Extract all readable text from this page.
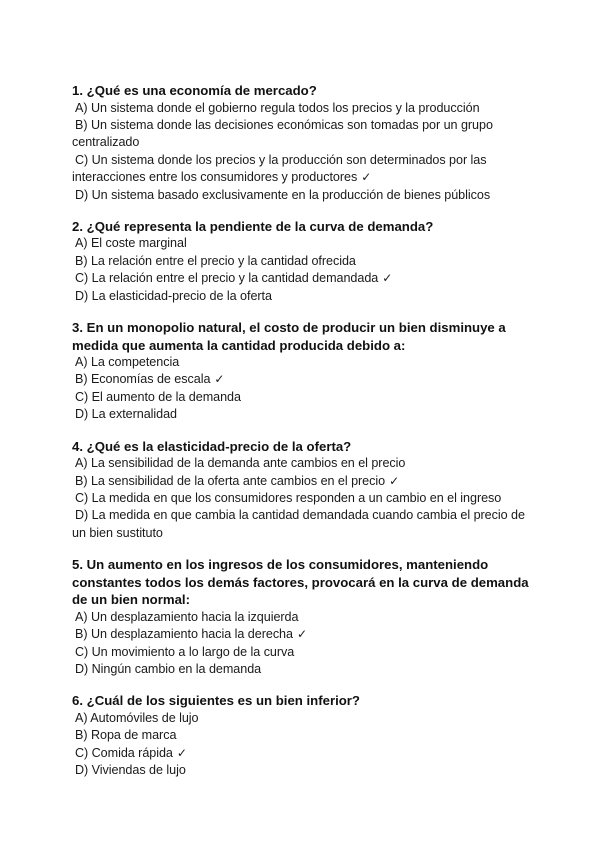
1. ¿Qué es una economía de mercado?

A) Un sistema donde el gobierno regula todos los precios y la producción

B) Un sistema donde las decisiones económicas son tomadas por un grupo centralizado

C) Un sistema donde los precios y la producción son determinados por las interacciones entre los consumidores y productores ✓

D) Un sistema basado exclusivamente en la producción de bienes públicos

2. ¿Qué representa la pendiente de la curva de demanda?

A) El coste marginal

B) La relación entre el precio y la cantidad ofrecida

C) La relación entre el precio y la cantidad demandada ✓

D) La elasticidad-precio de la oferta

3. En un monopolio natural, el costo de producir un bien disminuye a medida que aumenta la cantidad producida debido a:

A) La competencia

B) Economías de escala ✓

C) El aumento de la demanda

D) La externalidad

4. ¿Qué es la elasticidad-precio de la oferta?

A) La sensibilidad de la demanda ante cambios en el precio

B) La sensibilidad de la oferta ante cambios en el precio ✓

C) La medida en que los consumidores responden a un cambio en el ingreso

D) La medida en que cambia la cantidad demandada cuando cambia el precio de un bien sustituto

5. Un aumento en los ingresos de los consumidores, manteniendo constantes todos los demás factores, provocará en la curva de demanda de un bien normal:

A) Un desplazamiento hacia la izquierda

B) Un desplazamiento hacia la derecha ✓

C) Un movimiento a lo largo de la curva

D) Ningún cambio en la demanda

6. ¿Cuál de los siguientes es un bien inferior?

A) Automóviles de lujo

B) Ropa de marca

C) Comida rápida ✓

D) Viviendas de lujo
